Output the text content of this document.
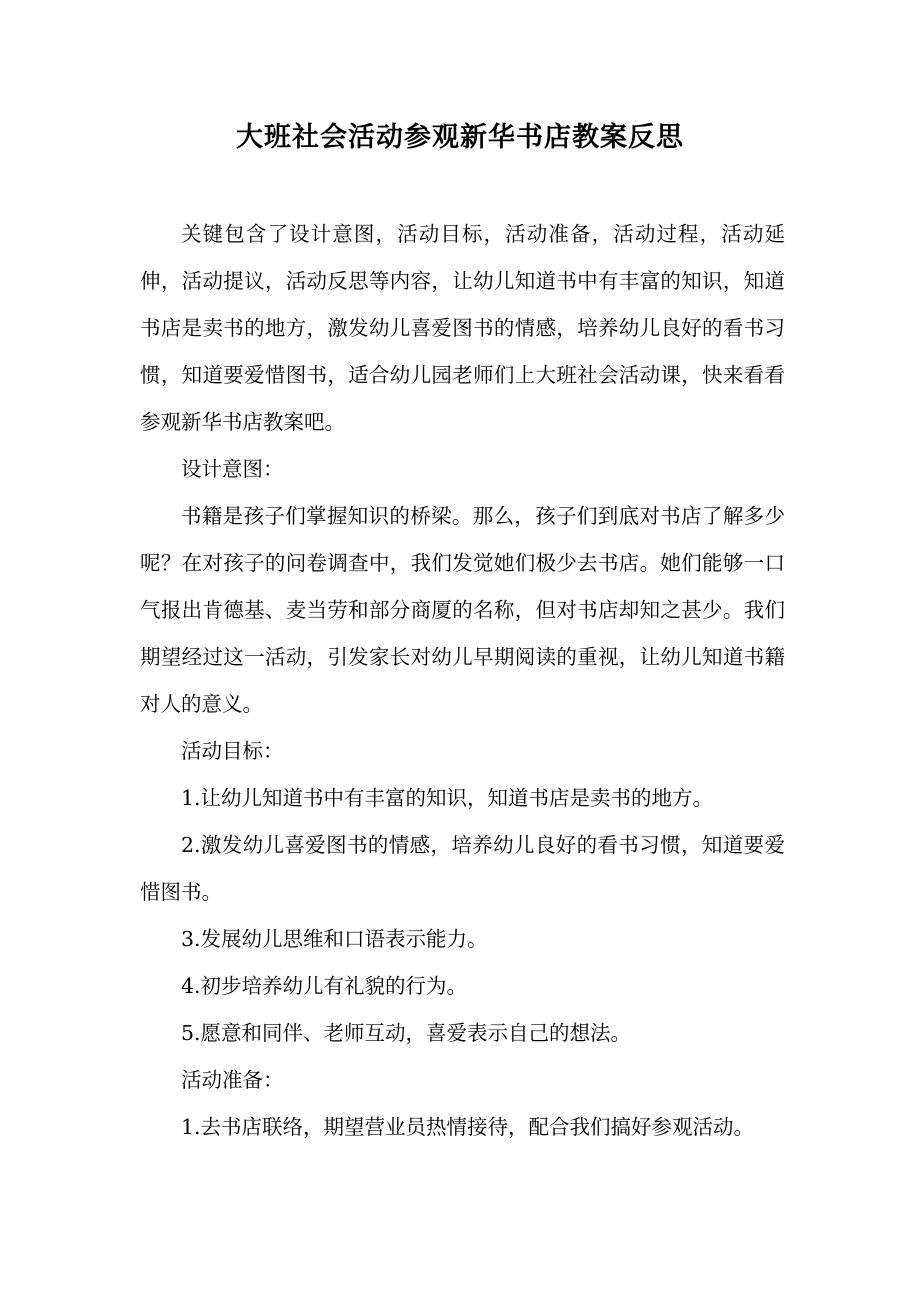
大班社会活动参观新华书店教案反思

关键包含了设计意图，活动目标，活动准备，活动过程，活动延伸，活动提议，活动反思等内容，让幼儿知道书中有丰富的知识，知道书店是卖书的地方，激发幼儿喜爱图书的情感，培养幼儿良好的看书习惯，知道要爱惜图书，适合幼儿园老师们上大班社会活动课，快来看看参观新华书店教案吧。

设计意图：

书籍是孩子们掌握知识的桥梁。那么，孩子们到底对书店了解多少呢？在对孩子的问卷调查中，我们发觉她们极少去书店。她们能够一口气报出肯德基、麦当劳和部分商厦的名称，但对书店却知之甚少。我们期望经过这一活动，引发家长对幼儿早期阅读的重视，让幼儿知道书籍对人的意义。

活动目标：

1.让幼儿知道书中有丰富的知识，知道书店是卖书的地方。

2.激发幼儿喜爱图书的情感，培养幼儿良好的看书习惯，知道要爱惜图书。

3.发展幼儿思维和口语表示能力。

4.初步培养幼儿有礼貌的行为。

5.愿意和同伴、老师互动，喜爱表示自己的想法。

活动准备：

1.去书店联络，期望营业员热情接待，配合我们搞好参观活动。
